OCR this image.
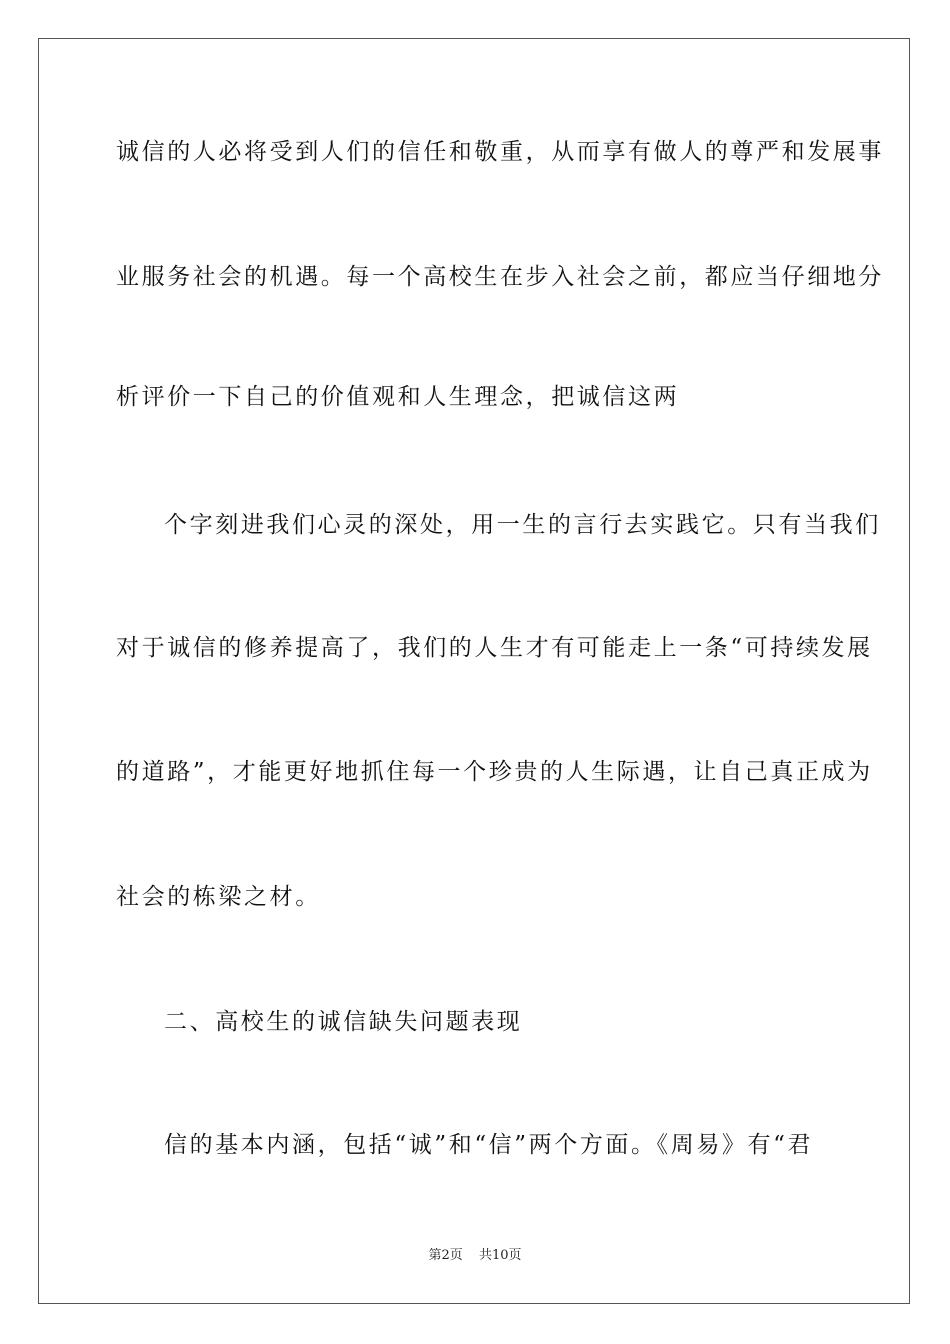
诚信的人必将受到人们的信任和敬重，从而享有做人的尊严和发展事
业服务社会的机遇。每一个高校生在步入社会之前，都应当仔细地分
析评价一下自己的价值观和人生理念，把诚信这两
个字刻进我们心灵的深处，用一生的言行去实践它。只有当我们
对于诚信的修养提高了，我们的人生才有可能走上一条“可持续发展
的道路”，才能更好地抓住每一个珍贵的人生际遇，让自己真正成为
社会的栋梁之材。
二、高校生的诚信缺失问题表现
信的基本内涵，包括“诚”和“信”两个方面。《周易》有“君
第2页 共10页
